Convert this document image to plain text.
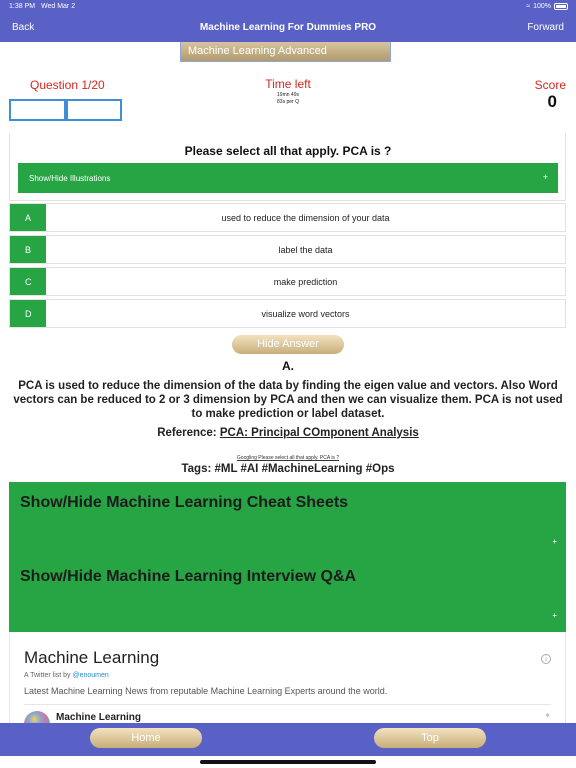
1:38 PM Wed Mar 2	≈ 100%
Back	Machine Learning For Dummies PRO	Forward
Machine Learning Advanced
Question 1/20	Time left
19mn 49s
83s per Q
Score
0
Please select all that apply. PCA is ?
Show/Hide Illustrations	+
A	used to reduce the dimension of your data
B	label the data
C	make prediction
D	visualize word vectors
Hide Answer
A.
PCA is used to reduce the dimension of the data by finding the eigen value and vectors. Also Word vectors can be reduced to 2 or 3 dimension by PCA and then we can visualize them. PCA is not used to make prediction or label dataset.
Reference: PCA: Principal COmponent Analysis
Googling Please select all that apply. PCA is ?
Tags: #ML #AI #MachineLearning #Ops
Show/Hide Machine Learning Cheat Sheets
+
Show/Hide Machine Learning Interview Q&A
+
Machine Learning	i
A Twitter list by @enoumen
Latest Machine Learning News from reputable Machine Learning Experts around the world.
Machine Learning	✦
Home	Top
